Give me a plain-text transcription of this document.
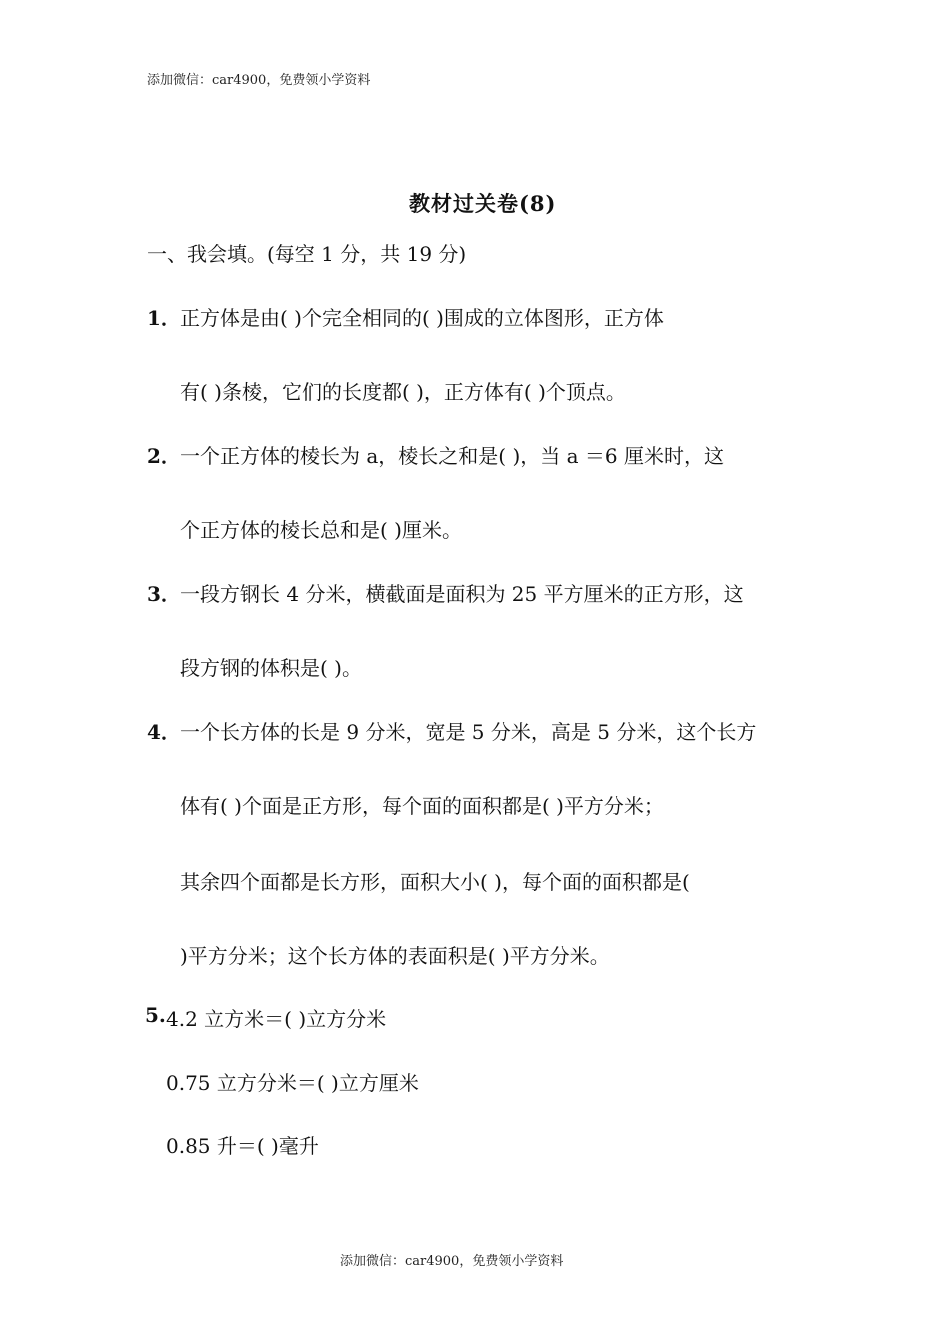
添加微信：car4900，免费领小学资料
教材过关卷(8)
一、我会填。(每空 1 分，共 19 分)
1． 正方体是由( )个完全相同的( )围成的立体图形，正方体
有( )条棱，它们的长度都( )，正方体有( )个顶点。
2． 一个正方体的棱长为 a，棱长之和是( )，当 a ＝6 厘米时，这
个正方体的棱长总和是( )厘米。
3． 一段方钢长 4 分米，横截面是面积为 25 平方厘米的正方形，这
段方钢的体积是( )。
4． 一个长方体的长是 9 分米，宽是 5 分米，高是 5 分米，这个长方
体有( )个面是正方形，每个面的面积都是( )平方分米；
其余四个面都是长方形，面积大小( )，每个面的面积都是(
)平方分米；这个长方体的表面积是( )平方分米。
5. 4.2 立方米＝( )立方分米
0.75 立方分米＝( )立方厘米
0.85 升＝( )毫升
添加微信：car4900，免费领小学资料
